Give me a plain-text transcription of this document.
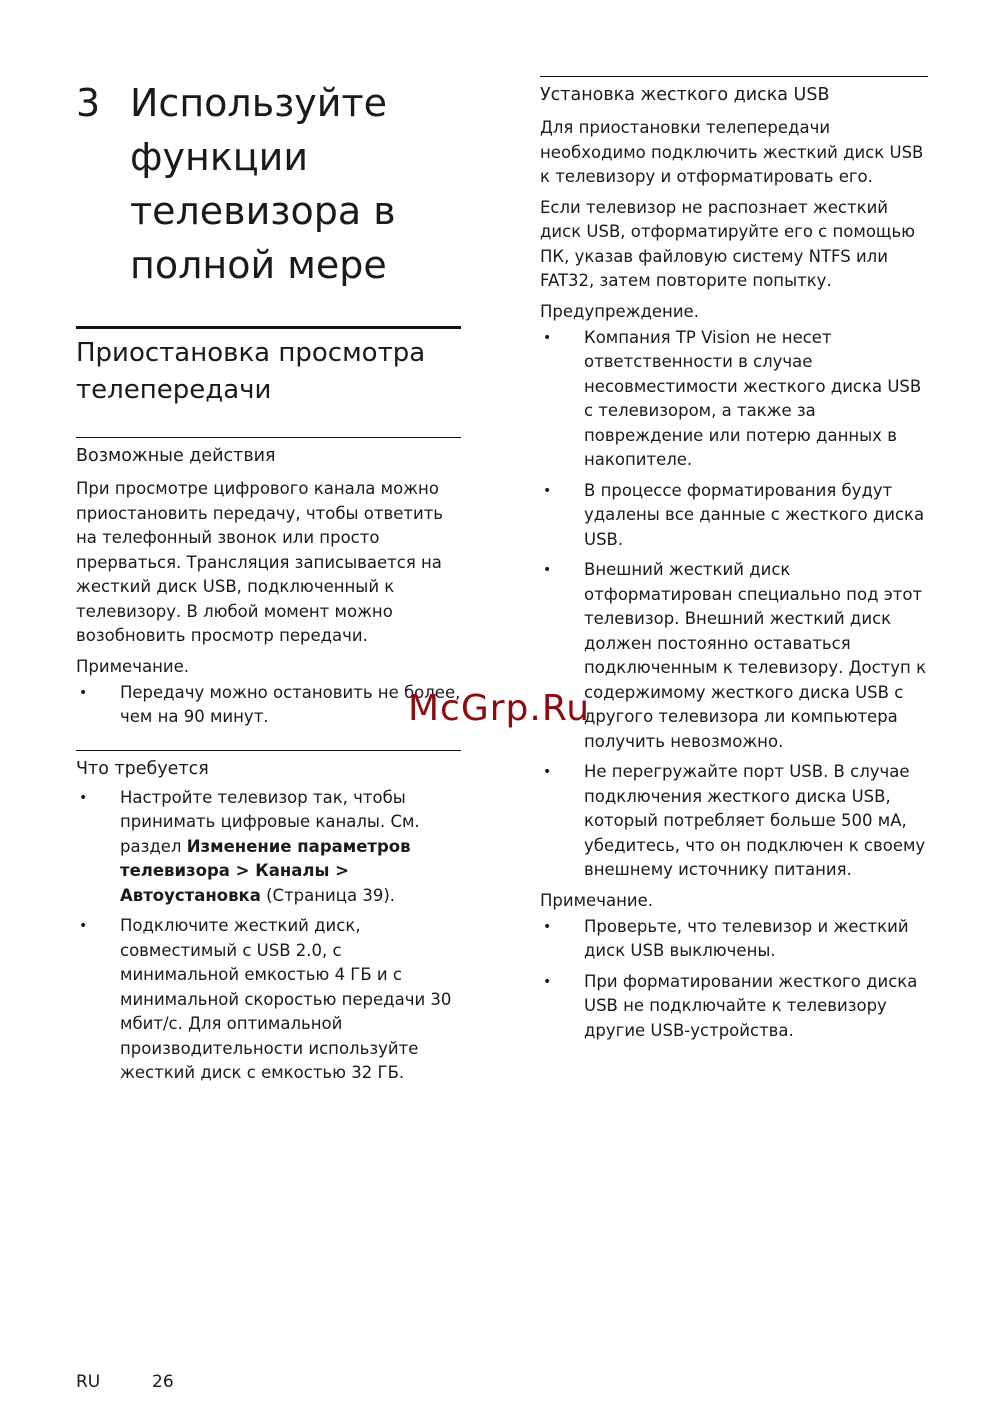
3 Используйте функции телевизора в полной мере
Приостановка просмотра телепередачи
Возможные действия

При просмотре цифрового канала можно приостановить передачу, чтобы ответить на телефонный звонок или просто прерваться. Трансляция записывается на жесткий диск USB, подключенный к телевизору. В любой момент можно возобновить просмотр передачи.

Примечание.
• Передачу можно остановить не более, чем на 90 минут.
Что требуется
• Настройте телевизор так, чтобы принимать цифровые каналы. См. раздел Изменение параметров телевизора > Каналы > Автоустановка (Страница 39).
• Подключите жесткий диск, совместимый с USB 2.0, с минимальной емкостью 4 ГБ и с минимальной скоростью передачи 30 мбит/с. Для оптимальной производительности используйте жесткий диск с емкостью 32 ГБ.
Установка жесткого диска USB

Для приостановки телепередачи необходимо подключить жесткий диск USB к телевизору и отформатировать его.

Если телевизор не распознает жесткий диск USB, отформатируйте его с помощью ПК, указав файловую систему NTFS или FAT32, затем повторите попытку.

Предупреждение.
• Компания TP Vision не несет ответственности в случае несовместимости жесткого диска USB с телевизором, а также за повреждение или потерю данных в накопителе.
• В процессе форматирования будут удалены все данные с жесткого диска USB.
• Внешний жесткий диск отформатирован специально под этот телевизор. Внешний жесткий диск должен постоянно оставаться подключенным к телевизору. Доступ к содержимому жесткого диска USB с другого телевизора ли компьютера получить невозможно.
• Не перегружайте порт USB. В случае подключения жесткого диска USB, который потребляет больше 500 мА, убедитесь, что он подключен к своему внешнему источнику питания.
Примечание.
• Проверьте, что телевизор и жесткий диск USB выключены.
• При форматировании жесткого диска USB не подключайте к телевизору другие USB-устройства.
McGrp.Ru
RU	26
